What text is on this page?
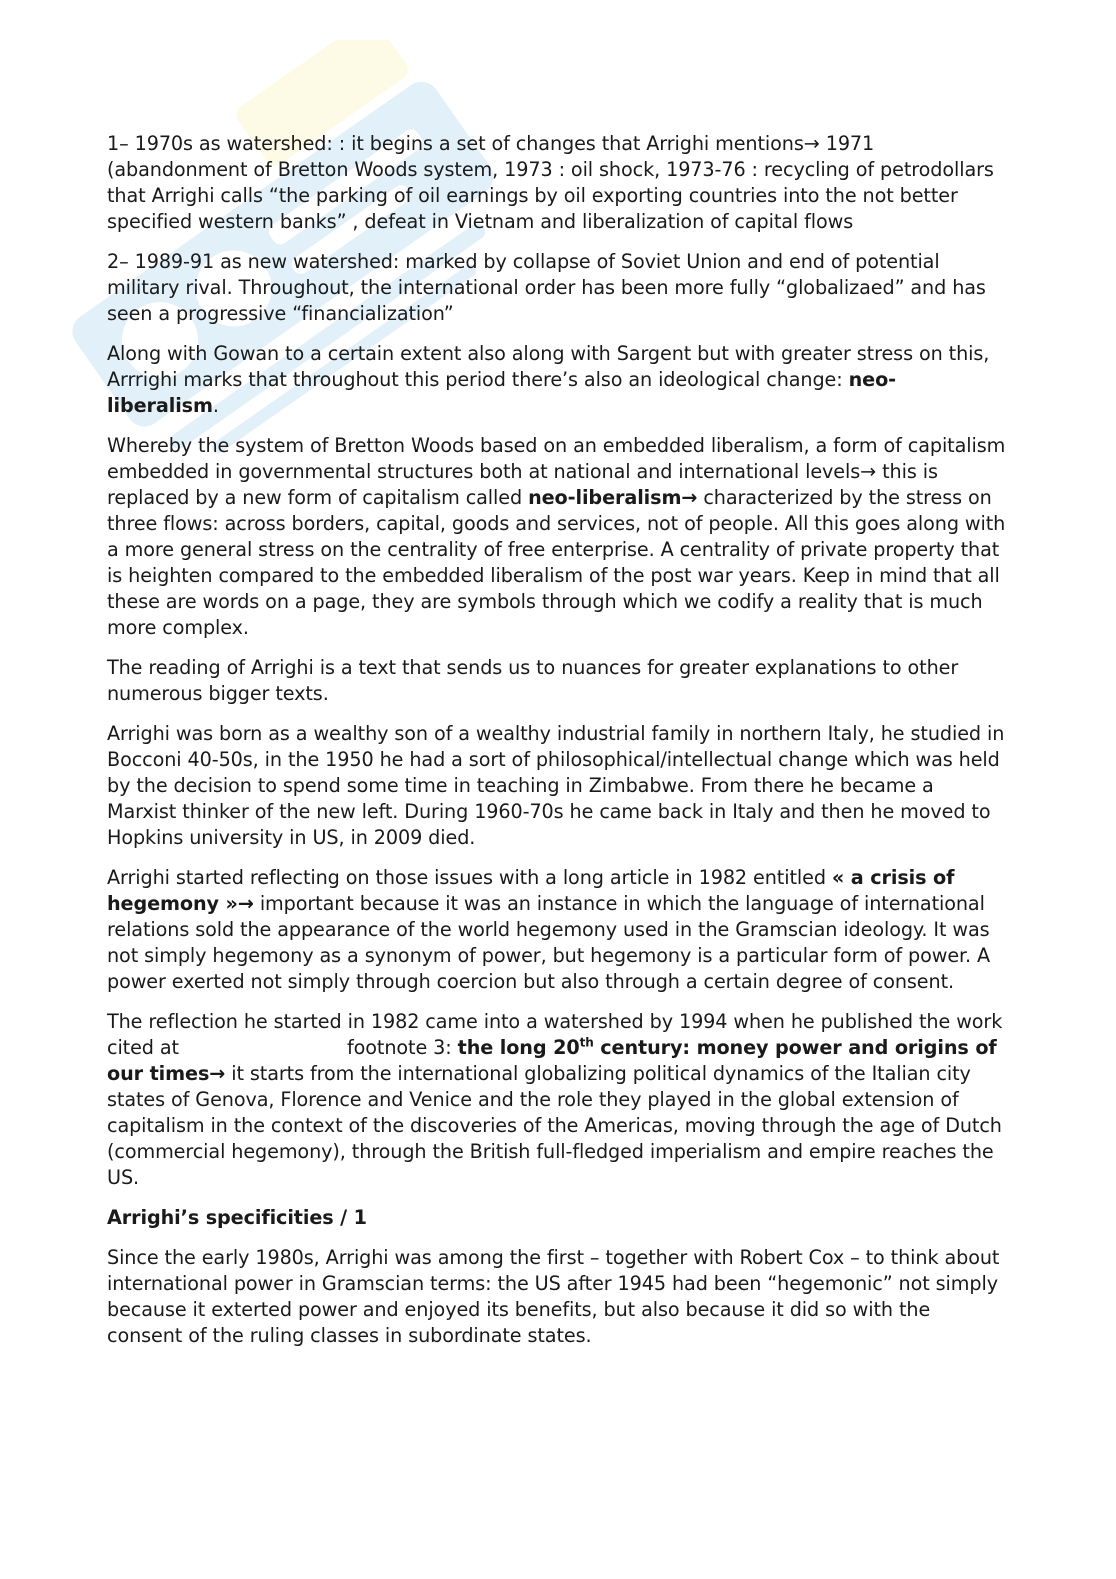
1– 1970s as watershed: : it begins a set of changes that Arrighi mentions→ 1971 (abandonment of Bretton Woods system, 1973 : oil shock, 1973-76 : recycling of petrodollars that Arrighi calls “the parking of oil earnings by oil exporting countries into the not better specified western banks” , defeat in Vietnam and liberalization of capital flows

2– 1989-91 as new watershed: marked by collapse of Soviet Union and end of potential military rival. Throughout, the international order has been more fully “globalizaed” and has seen a progressive “financialization”

Along with Gowan to a certain extent also along with Sargent but with greater stress on this, Arrrighi marks that throughout this period there’s also an ideological change: neo-liberalism.

Whereby the system of Bretton Woods based on an embedded liberalism, a form of capitalism embedded in governmental structures both at national and international levels→ this is replaced by a new form of capitalism called neo-liberalism→ characterized by the stress on three flows: across borders, capital, goods and services, not of people. All this goes along with a more general stress on the centrality of free enterprise. A centrality of private property that is heighten compared to the embedded liberalism of the post war years. Keep in mind that all these are words on a page, they are symbols through which we codify a reality that is much more complex.

The reading of Arrighi is a text that sends us to nuances for greater explanations to other numerous bigger texts.

Arrighi was born as a wealthy son of a wealthy industrial family in northern Italy, he studied in Bocconi 40-50s, in the 1950 he had a sort of philosophical/intellectual change which was held by the decision to spend some time in teaching in Zimbabwe. From there he became a Marxist thinker of the new left. During 1960-70s he came back in Italy and then he moved to Hopkins university in US, in 2009 died.

Arrighi started reflecting on those issues with a long article in 1982 entitled « a crisis of hegemony »→ important because it was an instance in which the language of international relations sold the appearance of the world hegemony used in the Gramscian ideology. It was not simply hegemony as a synonym of power, but hegemony is a particular form of power. A power exerted not simply through coercion but also through a certain degree of consent.

The reflection he started in 1982 came into a watershed by 1994 when he published the work cited at	footnote 3: the long 20th century: money power and origins of our times→ it starts from the international globalizing political dynamics of the Italian city states of Genova, Florence and Venice and the role they played in the global extension of capitalism in the context of the discoveries of the Americas, moving through the age of Dutch (commercial hegemony), through the British full-fledged imperialism and empire reaches the US.

Arrighi’s specificities / 1

Since the early 1980s, Arrighi was among the first – together with Robert Cox – to think about international power in Gramscian terms: the US after 1945 had been “hegemonic” not simply because it exterted power and enjoyed its benefits, but also because it did so with the consent of the ruling classes in subordinate states.
